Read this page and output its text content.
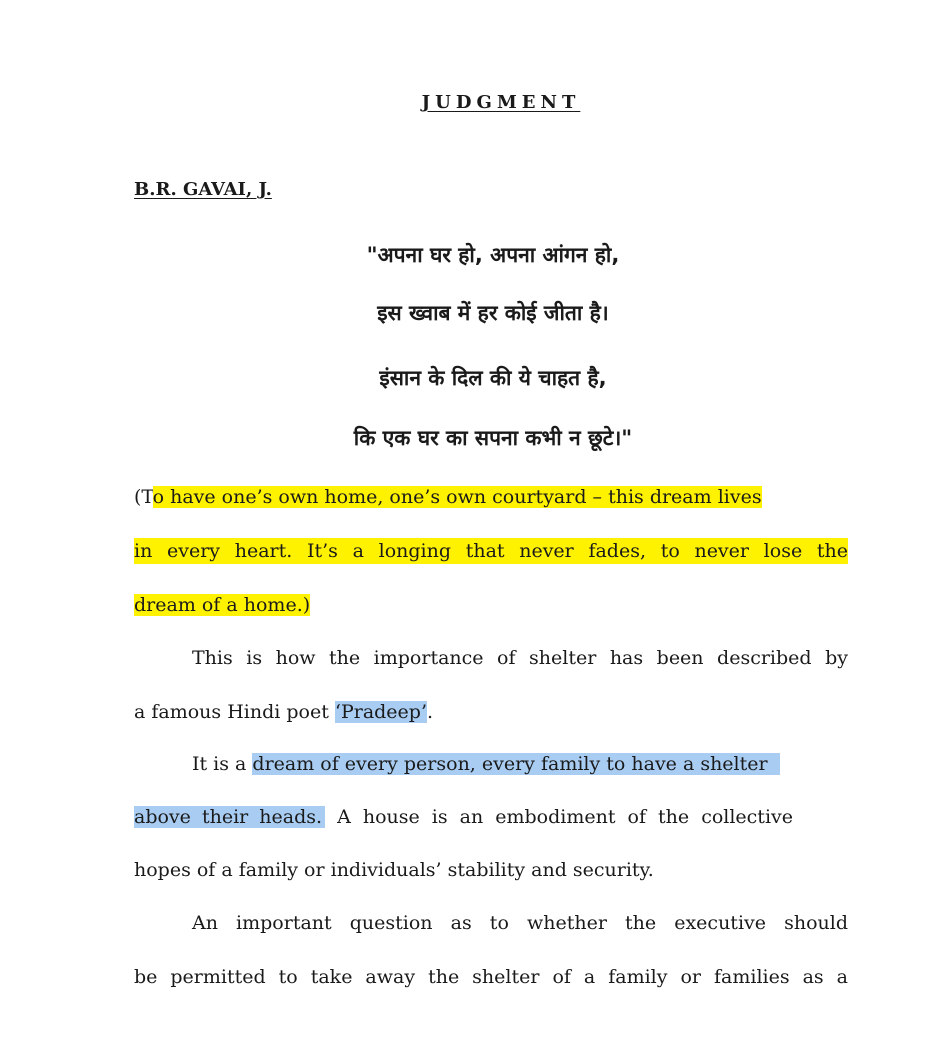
JUDGMENT
B.R. GAVAI, J.
"अपना घर हो, अपना आंगन हो,
इस ख्वाब में हर कोई जीता है।
इंसान के दिल की ये चाहत है,
कि एक घर का सपना कभी न छूटे।"
(To have one’s own home, one’s own courtyard – this dream lives
in every heart. It’s a longing that never fades, to never lose the
dream of a home.)
This is how the importance of shelter has been described by
a famous Hindi poet ‘Pradeep’.
It is a dream of every person, every family to have a shelter
above their heads. A house is an embodiment of the collective
hopes of a family or individuals’ stability and security.
An important question as to whether the executive should
be permitted to take away the shelter of a family or families as a
